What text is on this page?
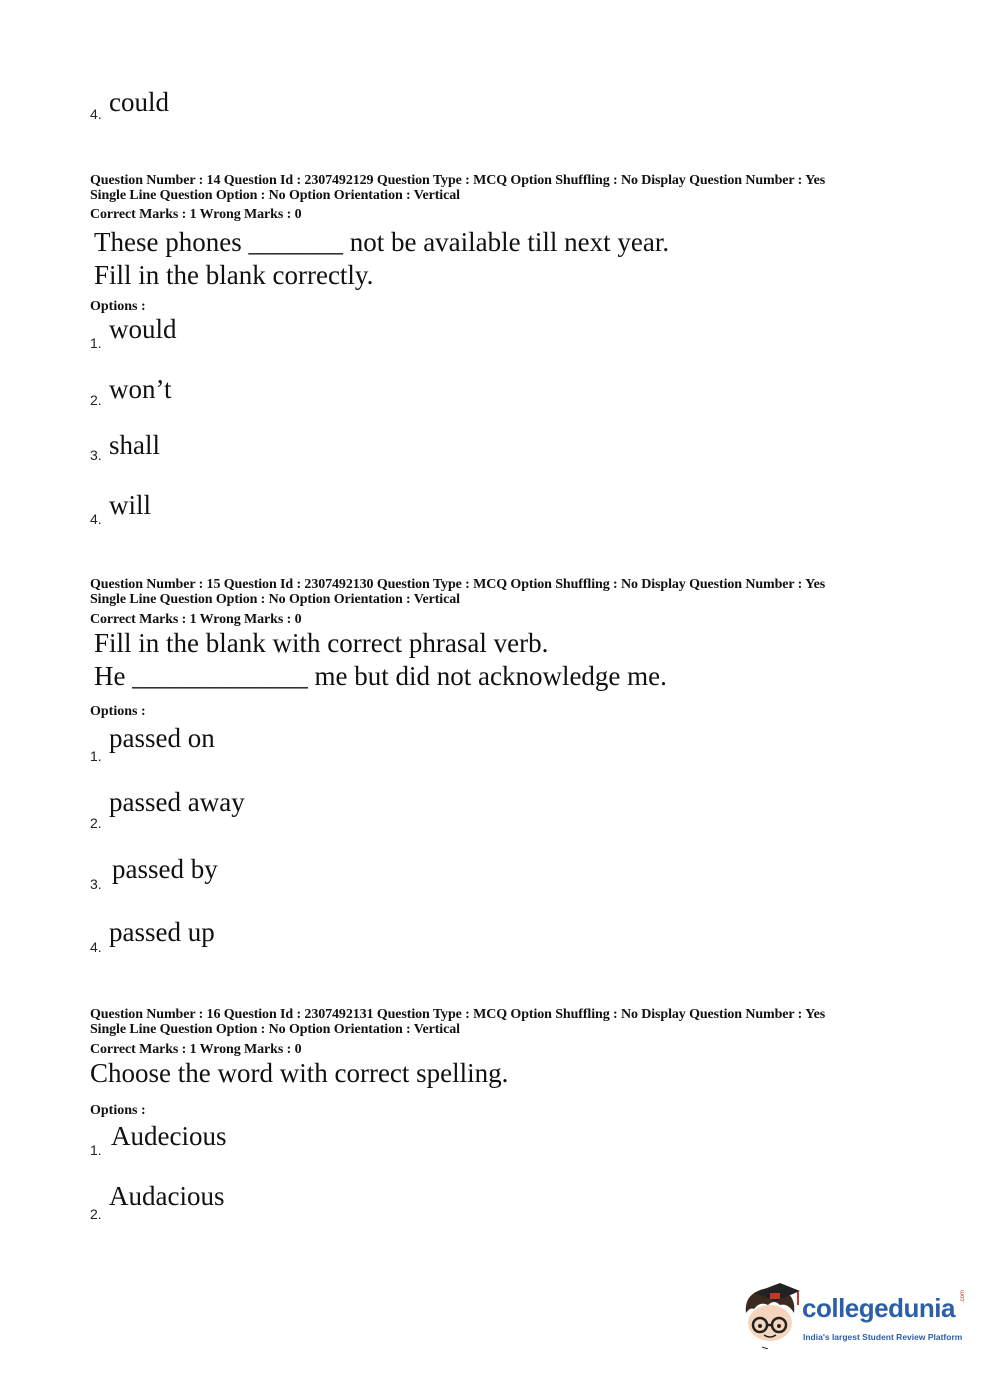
4. could
Question Number : 14 Question Id : 2307492129 Question Type : MCQ Option Shuffling : No Display Question Number : Yes
Single Line Question Option : No Option Orientation : Vertical
Correct Marks : 1 Wrong Marks : 0
These phones _______ not be available till next year.
Fill in the blank correctly.
Options :
1. would
2. won’t
3. shall
4. will
Question Number : 15 Question Id : 2307492130 Question Type : MCQ Option Shuffling : No Display Question Number : Yes
Single Line Question Option : No Option Orientation : Vertical
Correct Marks : 1 Wrong Marks : 0
Fill in the blank with correct phrasal verb.
He _____________ me but did not acknowledge me.
Options :
1.
passed on
2.
passed away
3. passed by
4. passed up
Question Number : 16 Question Id : 2307492131 Question Type : MCQ Option Shuffling : No Display Question Number : Yes
Single Line Question Option : No Option Orientation : Vertical
Correct Marks : 1 Wrong Marks : 0
Choose the word with correct spelling.
Options :
1. Audecious
2.
Audacious
collegedunia .com
India's largest Student Review Platform
